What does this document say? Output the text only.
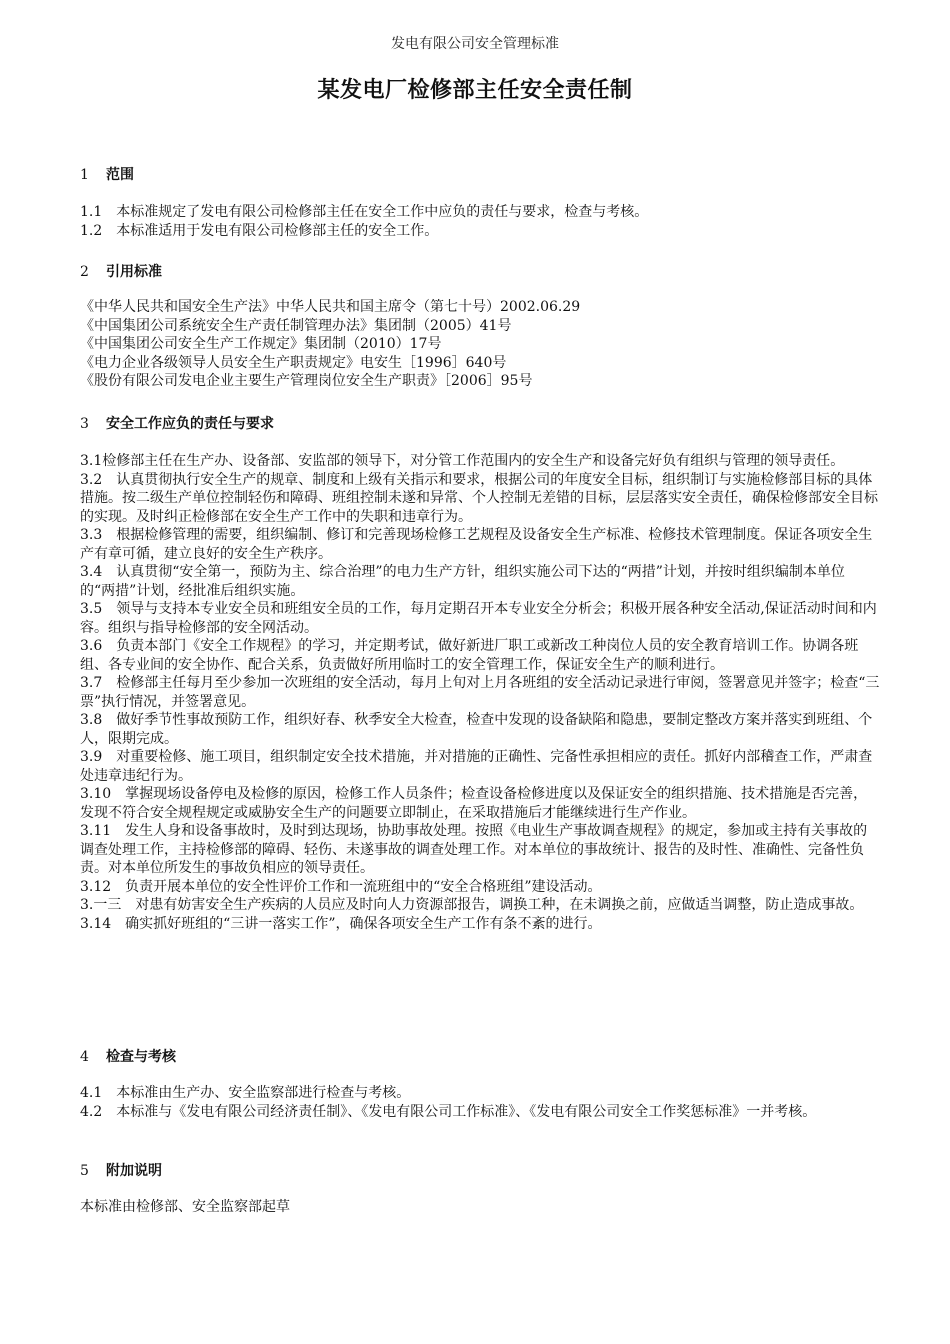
发电有限公司安全管理标准
某发电厂检修部主任安全责任制
1 范围

1.1　本标准规定了发电有限公司检修部主任在安全工作中应负的责任与要求，检查与考核。

1.2　本标准适用于发电有限公司检修部主任的安全工作。

2 引用标准

《中华人民共和国安全生产法》中华人民共和国主席令（第七十号）2002.06.29

《中国集团公司系统安全生产责任制管理办法》集团制（2005）41号

《中国集团公司安全生产工作规定》集团制（2010）17号

《电力企业各级领导人员安全生产职责规定》电安生［1996］640号

《股份有限公司发电企业主要生产管理岗位安全生产职责》［2006］95号

3 安全工作应负的责任与要求

3.1检修部主任在生产办、设备部、安监部的领导下，对分管工作范围内的安全生产和设备完好负有组织与管理的领导责任。

3.2　认真贯彻执行安全生产的规章、制度和上级有关指示和要求，根据公司的年度安全目标，组织制订与实施检修部目标的具体措施。按二级生产单位控制轻伤和障碍、班组控制未遂和异常、个人控制无差错的目标，层层落实安全责任，确保检修部安全目标的实现。及时纠正检修部在安全生产工作中的失职和违章行为。

3.3　根据检修管理的需要，组织编制、修订和完善现场检修工艺规程及设备安全生产标准、检修技术管理制度。保证各项安全生产有章可循，建立良好的安全生产秩序。

3.4　认真贯彻“安全第一，预防为主、综合治理”的电力生产方针，组织实施公司下达的“两措”计划，并按时组织编制本单位的“两措”计划，经批准后组织实施。

3.5　领导与支持本专业安全员和班组安全员的工作，每月定期召开本专业安全分析会；积极开展各种安全活动,保证活动时间和内容。组织与指导检修部的安全网活动。

3.6　负责本部门《安全工作规程》的学习，并定期考试，做好新进厂职工或新改工种岗位人员的安全教育培训工作。协调各班组、各专业间的安全协作、配合关系，负责做好所用临时工的安全管理工作，保证安全生产的顺利进行。

3.7　检修部主任每月至少参加一次班组的安全活动，每月上旬对上月各班组的安全活动记录进行审阅，签署意见并签字；检查“三票”执行情况，并签署意见。

3.8　做好季节性事故预防工作，组织好春、秋季安全大检查，检查中发现的设备缺陷和隐患，要制定整改方案并落实到班组、个人，限期完成。

3.9　对重要检修、施工项目，组织制定安全技术措施，并对措施的正确性、完备性承担相应的责任。抓好内部稽查工作，严肃查处违章违纪行为。

3.10　掌握现场设备停电及检修的原因，检修工作人员条件；检查设备检修进度以及保证安全的组织措施、技术措施是否完善，发现不符合安全规程规定或威胁安全生产的问题要立即制止，在采取措施后才能继续进行生产作业。

3.11　发生人身和设备事故时，及时到达现场，协助事故处理。按照《电业生产事故调查规程》的规定，参加或主持有关事故的调查处理工作，主持检修部的障碍、轻伤、未遂事故的调查处理工作。对本单位的事故统计、报告的及时性、准确性、完备性负责。对本单位所发生的事故负相应的领导责任。

3.12　负责开展本单位的安全性评价工作和一流班组中的“安全合格班组”建设活动。

3.一三　对患有妨害安全生产疾病的人员应及时向人力资源部报告，调换工种，在未调换之前，应做适当调整，防止造成事故。

3.14　确实抓好班组的“三讲一落实工作”，确保各项安全生产工作有条不紊的进行。

4 检查与考核

4.1　本标准由生产办、安全监察部进行检查与考核。

4.2　本标准与《发电有限公司经济责任制》、《发电有限公司工作标准》、《发电有限公司安全工作奖惩标准》一并考核。

5 附加说明

本标准由检修部、安全监察部起草
